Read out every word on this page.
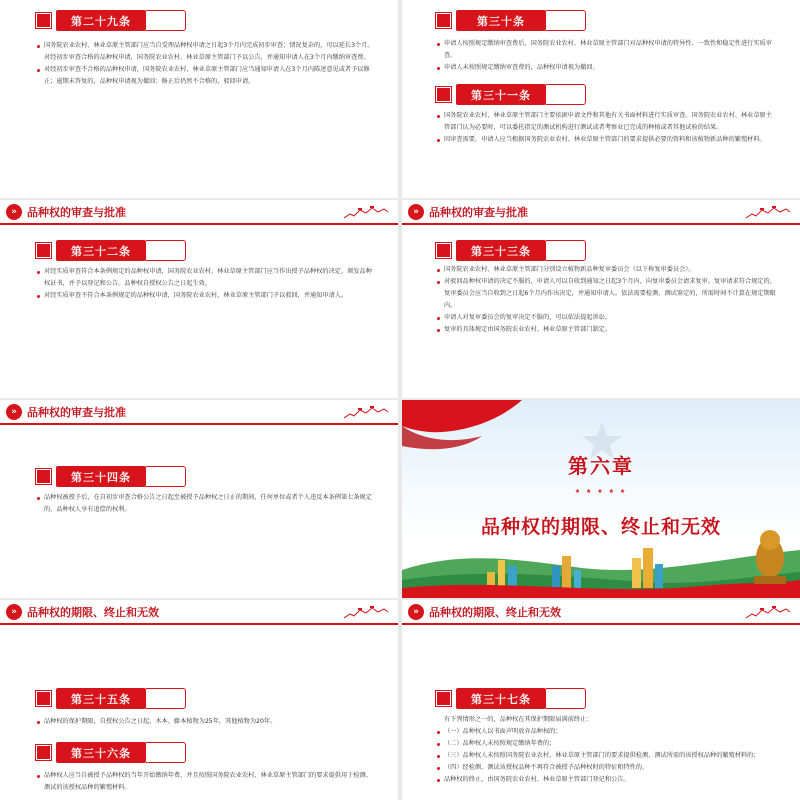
第二十九条

国务院农业农村、林业草原主管部门应当自受理品种权申请之日起3个月内完成初步审查；情况复杂的，可以延长3个月。对经初步审查合格的品种权申请，国务院农业农村、林业草原主管部门予以公告，并通知申请人在3个月内缴纳审查费。

对经初步审查不合格的品种权申请，国务院农业农村、林业草原主管部门应当通知申请人在3个月内陈述意见或者予以修正；逾期未答复的，品种权申请视为撤回；修正后仍然不合格的，驳回申请。

第三十条

申请人按照规定缴纳审查费后，国务院农业农村、林业草原主管部门对品种权申请的特异性、一致性和稳定性进行实质审查。

申请人未按照规定缴纳审查费的，品种权申请视为撤回。

第三十一条

国务院农业农村、林业草原主管部门主要依据申请文件和其他有关书面材料进行实质审查。国务院农业农村、林业草原主管部门认为必要时，可以委托指定的测试机构进行测试或者考察业已完成的种植或者其他试验的结果。

因审查需要，申请人应当根据国务院农业农村、林业草原主管部门的要求提供必要的资料和该植物新品种的繁殖材料。

» 品种权的审查与批准
第三十二条

对经实质审查符合本条例规定的品种权申请，国务院农业农村、林业草原主管部门应当作出授予品种权的决定，颁发品种权证书，并予以登记和公告。品种权自授权公告之日起生效。

对经实质审查不符合本条例规定的品种权申请，国务院农业农村、林业草原主管部门予以驳回，并通知申请人。

» 品种权的审查与批准
第三十三条

国务院农业农村、林业草原主管部门分别设立植物新品种复审委员会（以下称复审委员会）。

对驳回品种权申请的决定不服的，申请人可以自收到通知之日起3个月内，向复审委员会请求复审。复审请求符合规定的，复审委员会应当自收到之日起6个月内作出决定，并通知申请人。依法需要检测、测试鉴定的，所需时间不计算在规定期限内。

申请人对复审委员会的复审决定不服的，可以依法提起诉讼。

复审的具体规定由国务院农业农村、林业草原主管部门制定。

» 品种权的审查与批准
第三十四条

品种权被授予后，在自初步审查合格公告之日起至被授予品种权之日止的期间，任何单位或者个人违反本条例第七条规定的，品种权人享有追偿的权利。

第六章
★ ★ ★ ★ ★
品种权的期限、终止和无效
» 品种权的期限、终止和无效
第三十五条

品种权的保护期限，自授权公告之日起，木本、藤本植物为25年，其他植物为20年。

第三十六条

品种权人应当自被授予品种权的当年开始缴纳年费，并且按照国务院农业农村、林业草原主管部门的要求提供用于检测、测试的该授权品种的繁殖材料。

» 品种权的期限、终止和无效
第三十七条

有下列情形之一的，品种权在其保护期限届满前终止：

（一）品种权人以书面声明放弃品种权的；

（二）品种权人未按照规定缴纳年费的；

（三）品种权人未按照国务院农业农村、林业草原主管部门的要求提供检测、测试所需的该授权品种的繁殖材料的；

（四）经检测、测试该授权品种不再符合被授予品种权时的特征和特性的。

品种权的终止，由国务院农业农村、林业草原主管部门登记和公告。
